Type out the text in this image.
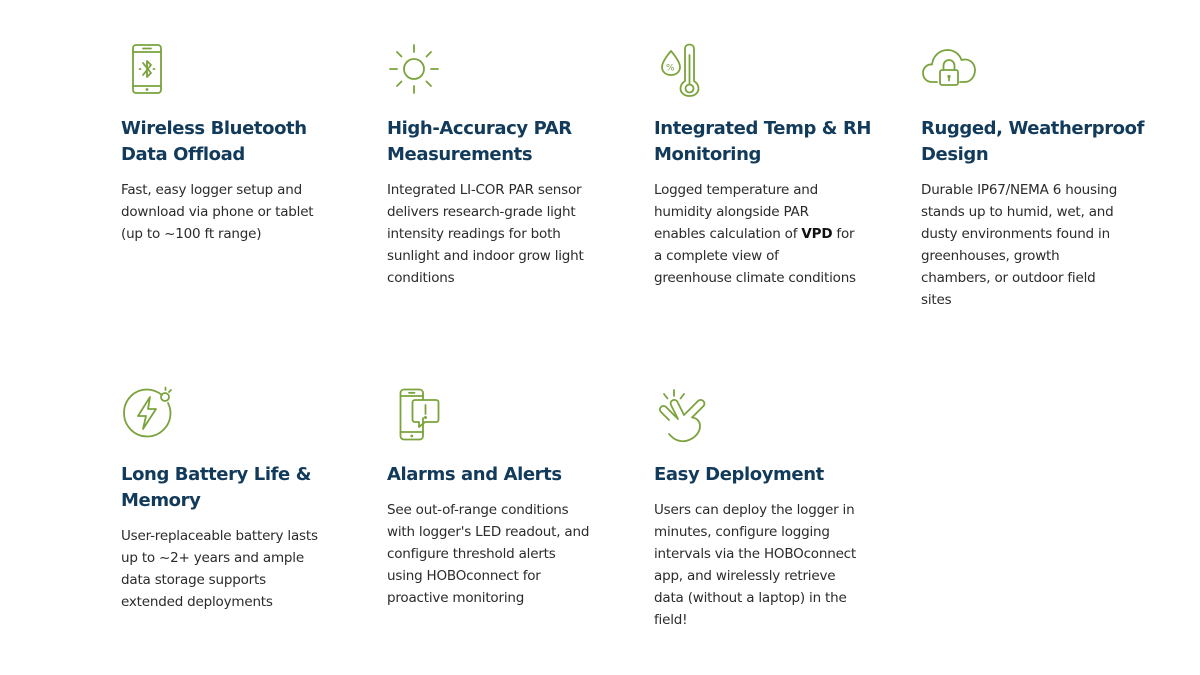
Wireless Bluetooth
Data Offload

Fast, easy logger setup and
download via phone or tablet
(up to ~100 ft range)

High-Accuracy PAR
Measurements

Integrated LI-COR PAR sensor
delivers research-grade light
intensity readings for both
sunlight and indoor grow light
conditions

%
Integrated Temp & RH
Monitoring

Logged temperature and
humidity alongside PAR
enables calculation of VPD for
a complete view of
greenhouse climate conditions

Rugged, Weatherproof
Design

Durable IP67/NEMA 6 housing
stands up to humid, wet, and
dusty environments found in
greenhouses, growth
chambers, or outdoor field
sites

Long Battery Life &
Memory

User-replaceable battery lasts
up to ~2+ years and ample
data storage supports
extended deployments

Alarms and Alerts

See out-of-range conditions
with logger's LED readout, and
configure threshold alerts
using HOBOconnect for
proactive monitoring

Easy Deployment

Users can deploy the logger in
minutes, configure logging
intervals via the HOBOconnect
app, and wirelessly retrieve
data (without a laptop) in the
field!
